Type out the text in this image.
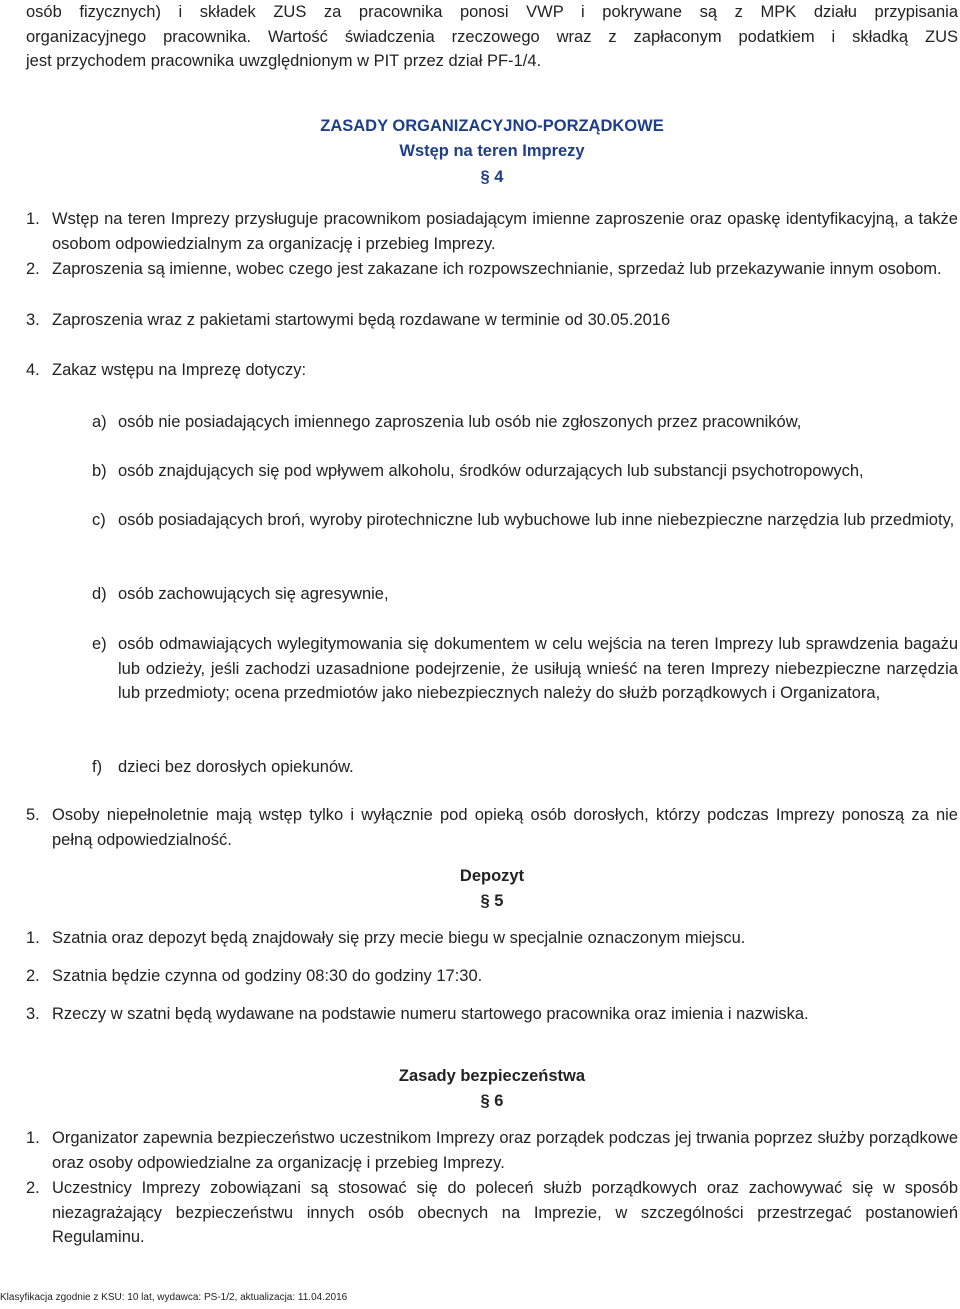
osób fizycznych) i składek ZUS za pracownika ponosi VWP i pokrywane są z MPK działu przypisania

organizacyjnego pracownika. Wartość świadczenia rzeczowego wraz z zapłaconym podatkiem i składką ZUS

jest przychodem pracownika uwzględnionym w PIT przez dział PF-1/4.

ZASADY ORGANIZACYJNO-PORZĄDKOWE

Wstęp na teren Imprezy

§ 4

1. Wstęp na teren Imprezy przysługuje pracownikom posiadającym imienne zaproszenie oraz opaskę identyfikacyjną, a także osobom odpowiedzialnym za organizację i przebieg Imprezy.

2. Zaproszenia są imienne, wobec czego jest zakazane ich rozpowszechnianie, sprzedaż lub przekazywanie innym osobom.

3. Zaproszenia wraz z pakietami startowymi będą rozdawane w terminie od 30.05.2016

4. Zakaz wstępu na Imprezę dotyczy:

a) osób nie posiadających imiennego zaproszenia lub osób nie zgłoszonych przez pracowników,

b) osób znajdujących się pod wpływem alkoholu, środków odurzających lub substancji psychotropowych,

c) osób posiadających broń, wyroby pirotechniczne lub wybuchowe lub inne niebezpieczne narzędzia lub przedmioty,

d) osób zachowujących się agresywnie,

e) osób odmawiających wylegitymowania się dokumentem w celu wejścia na teren Imprezy lub sprawdzenia bagażu lub odzieży, jeśli zachodzi uzasadnione podejrzenie, że usiłują wnieść na teren Imprezy niebezpieczne narzędzia lub przedmioty; ocena przedmiotów jako niebezpiecznych należy do służb porządkowych i Organizatora,

f) dzieci bez dorosłych opiekunów.

5. Osoby niepełnoletnie mają wstęp tylko i wyłącznie pod opieką osób dorosłych, którzy podczas Imprezy ponoszą za nie pełną odpowiedzialność.

Depozyt

§ 5

1. Szatnia oraz depozyt będą znajdowały się przy mecie biegu w specjalnie oznaczonym miejscu.

2. Szatnia będzie czynna od godziny 08:30 do godziny 17:30.

3. Rzeczy w szatni będą wydawane na podstawie numeru startowego pracownika oraz imienia i nazwiska.

Zasady bezpieczeństwa

§ 6

1. Organizator zapewnia bezpieczeństwo uczestnikom Imprezy oraz porządek podczas jej trwania poprzez służby porządkowe oraz osoby odpowiedzialne za organizację i przebieg Imprezy.

2. Uczestnicy Imprezy zobowiązani są stosować się do poleceń służb porządkowych oraz zachowywać się w sposób niezagrażający bezpieczeństwu innych osób obecnych na Imprezie, w szczególności przestrzegać postanowień Regulaminu.

Klasyfikacja zgodnie z KSU: 10 lat, wydawca: PS-1/2, aktualizacja: 11.04.2016
